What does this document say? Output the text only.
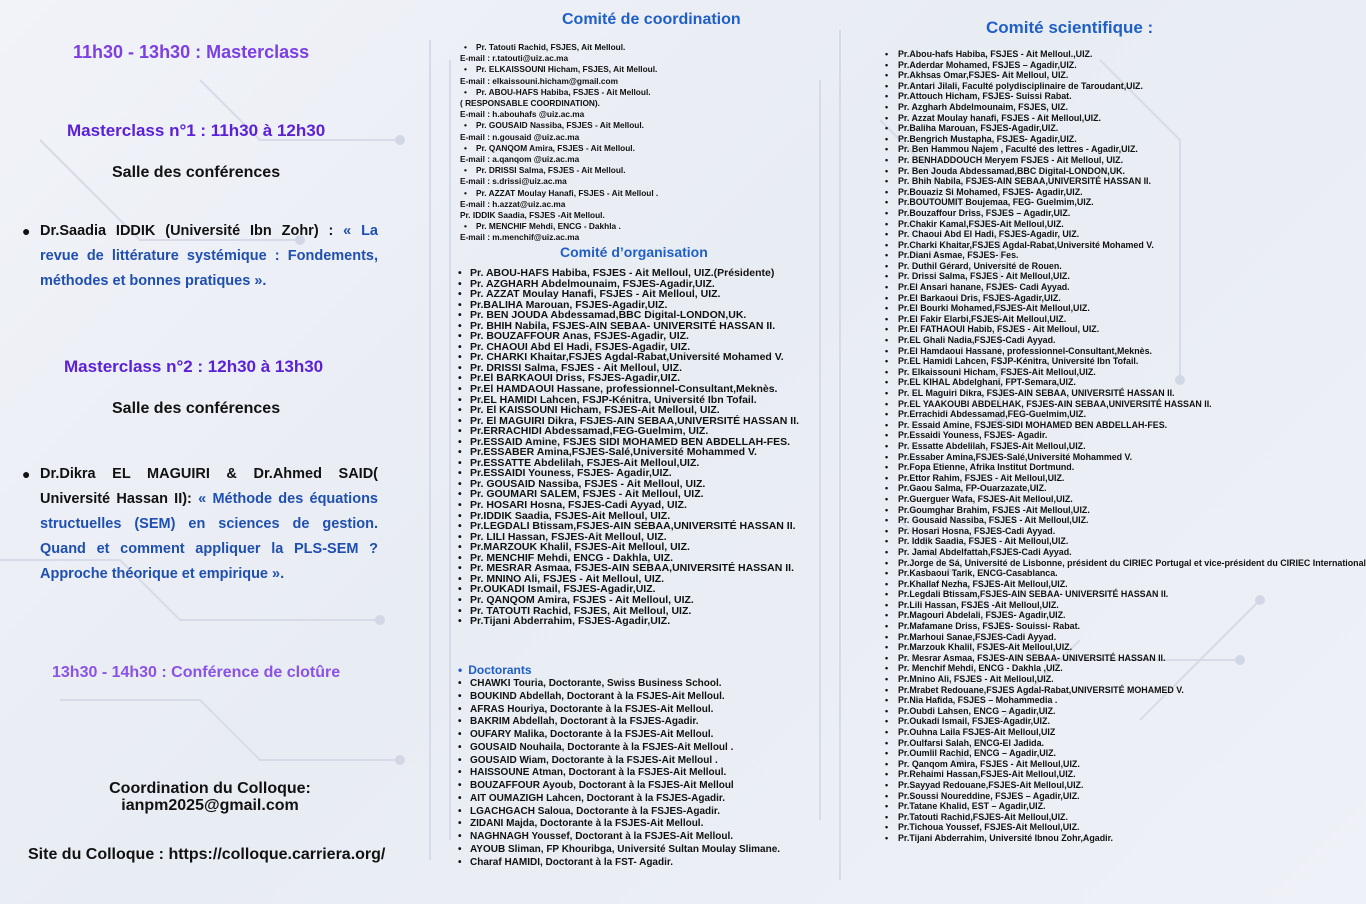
11h30 - 13h30 : Masterclass
Masterclass n°1 : 11h30 à 12h30
Salle des conférences
● Dr.Saadia IDDIK (Université Ibn Zohr) : « La revue de littérature systémique : Fondements, méthodes et bonnes pratiques ».
Masterclass n°2 : 12h30 à 13h30
Salle des conférences
● Dr.Dikra EL MAGUIRI & Dr.Ahmed SAID( Université Hassan II): « Méthode des équations structuelles (SEM) en sciences de gestion. Quand et comment appliquer la PLS-SEM ? Approche théorique et empirique ».
13h30 - 14h30 : Conférence de clotûre
Coordination du Colloque:
ianpm2025@gmail.com
Site du Colloque : https://colloque.carriera.org/
Comité de coordination
• Pr. Tatouti Rachid, FSJES, Ait Melloul.
E-mail : r.tatouti@uiz.ac.ma
• Pr. ELKAISSOUNI Hicham, FSJES, Ait Melloul.
E-mail : elkaissouni.hicham@gmail.com
• Pr. ABOU-HAFS Habiba, FSJES - Ait Melloul.
( RESPONSABLE COORDINATION).
E-mail : h.abouhafs @uiz.ac.ma
• Pr. GOUSAID Nassiba, FSJES - Ait Melloul.
E-mail : n.gousaid @uiz.ac.ma
• Pr. QANQOM Amira, FSJES - Ait Melloul.
E-mail : a.qanqom @uiz.ac.ma
• Pr. DRISSI Salma, FSJES - Ait Melloul.
E-mail : s.drissi@uiz.ac.ma
• Pr. AZZAT Moulay Hanafi, FSJES - Ait Melloul .
E-mail : h.azzat@uiz.ac.ma
Pr. IDDIK Saadia, FSJES -Ait Melloul.
• Pr. MENCHIF Mehdi, ENCG - Dakhla .
E-mail : m.menchif@uiz.ac.ma
Comité d’organisation
• Pr. ABOU-HAFS Habiba, FSJES - Ait Melloul, UIZ.(Présidente)
• Pr. AZGHARH Abdelmounaim, FSJES-Agadir,UIZ.
• Pr. AZZAT Moulay Hanafi, FSJES - Ait Melloul, UIZ.
• Pr.BALIHA Marouan, FSJES-Agadir,UIZ.
• Pr. BEN JOUDA Abdessamad,BBC Digital-LONDON,UK.
• Pr. BHIH Nabila, FSJES-AIN SEBAA- UNIVERSITÉ HASSAN II.
• Pr. BOUZAFFOUR Anas, FSJES-Agadir, UIZ.
• Pr. CHAOUI Abd El Hadi, FSJES-Agadir, UIZ.
• Pr. CHARKI Khaitar,FSJES Agdal-Rabat,Université Mohamed V.
• Pr. DRISSI Salma, FSJES - Ait Melloul, UIZ.
• Pr.El BARKAOUI Driss, FSJES-Agadir,UIZ.
• Pr.El HAMDAOUI Hassane, professionnel-Consultant,Meknès.
• Pr.EL HAMIDI Lahcen, FSJP-Kénitra, Université Ibn Tofail.
• Pr. El KAISSOUNI Hicham, FSJES-Ait Melloul, UIZ.
• Pr. El MAGUIRI Dikra, FSJES-AIN SEBAA,UNIVERSITÉ HASSAN II.
• Pr.ERRACHIDI Abdessamad,FEG-Guelmim, UIZ.
• Pr.ESSAID Amine, FSJES SIDI MOHAMED BEN ABDELLAH-FES.
• Pr.ESSABER Amina,FSJES-Salé,Université Mohammed V.
• Pr.ESSATTE Abdelilah, FSJES-Ait Melloul,UIZ.
• Pr.ESSAIDI Youness, FSJES- Agadir,UIZ.
• Pr. GOUSAID Nassiba, FSJES - Ait Melloul, UIZ.
• Pr. GOUMARI SALEM, FSJES - Ait Melloul, UIZ.
• Pr. HOSARI Hosna, FSJES-Cadi Ayyad, UIZ.
• Pr.IDDIK Saadia, FSJES-Ait Melloul, UIZ.
• Pr.LEGDALI Btissam,FSJES-AIN SEBAA,UNIVERSITÉ HASSAN II.
• Pr. LILI Hassan, FSJES-Ait Melloul, UIZ.
• Pr.MARZOUK Khalil, FSJES-Ait Melloul, UIZ.
• Pr. MENCHIF Mehdi, ENCG - Dakhla, UIZ.
• Pr. MESRAR Asmaa, FSJES-AIN SEBAA,UNIVERSITÉ HASSAN II.
• Pr. MNINO Ali, FSJES - Ait Melloul, UIZ.
• Pr.OUKADI Ismail, FSJES-Agadir,UIZ.
• Pr. QANQOM Amira, FSJES - Ait Melloul, UIZ.
• Pr. TATOUTI Rachid, FSJES, Ait Melloul, UIZ.
• Pr.Tijani Abderrahim, FSJES-Agadir,UIZ.
• Doctorants
• CHAWKI Touria, Doctorante, Swiss Business School.
• BOUKIND Abdellah, Doctorant à la FSJES-Ait Melloul.
• AFRAS Houriya, Doctorante à la FSJES-Ait Melloul.
• BAKRIM Abdellah, Doctorant à la FSJES-Agadir.
• OUFARY Malika, Doctorante à la FSJES-Ait Melloul.
• GOUSAID Nouhaila, Doctorante à la FSJES-Ait Melloul .
• GOUSAID Wiam, Doctorante à la FSJES-Ait Melloul .
• HAISSOUNE Atman, Doctorant à la FSJES-Ait Melloul.
• BOUZAFFOUR Ayoub, Doctorant à la FSJES-Ait Melloul
• AIT OUMAZIGH Lahcen, Doctorant à la FSJES-Agadir.
• LGACHGACH Saloua, Doctorante à la FSJES-Agadir.
• ZIDANI Majda, Doctorante à la FSJES-Ait Melloul.
• NAGHNAGH Youssef, Doctorant à la FSJES-Ait Melloul.
• AYOUB Sliman, FP Khouribga, Université Sultan Moulay Slimane.
• Charaf HAMIDI, Doctorant à la FST- Agadir.
Comité scientifique :
• Pr.Abou-hafs Habiba, FSJES - Ait Melloul.,UIZ.
• Pr.Aderdar Mohamed, FSJES – Agadir,UIZ.
• Pr.Akhsas Omar,FSJES- Ait Melloul, UIZ.
• Pr.Antari Jilali, Faculté polydisciplinaire de Taroudant,UIZ.
• Pr.Attouch Hicham, FSJES- Suissi Rabat.
• Pr. Azgharh Abdelmounaim, FSJES, UIZ.
• Pr. Azzat Moulay hanafi, FSJES - Ait Melloul,UIZ.
• Pr.Baliha Marouan, FSJES-Agadir,UIZ.
• Pr.Bengrich Mustapha, FSJES- Agadir,UIZ.
• Pr. Ben Hammou Najem , Faculté des lettres - Agadir,UIZ.
• Pr. BENHADDOUCH Meryem FSJES - Ait Melloul, UIZ.
• Pr. Ben Jouda Abdessamad,BBC Digital-LONDON,UK.
• Pr. Bhih Nabila, FSJES-AIN SEBAA,UNIVERSITÉ HASSAN II.
• Pr.Bouaziz Si Mohamed, FSJES- Agadir,UIZ.
• Pr.BOUTOUMIT Boujemaa, FEG- Guelmim,UIZ.
• Pr.Bouzaffour Driss, FSJES – Agadir,UIZ.
• Pr.Chakir Kamal,FSJES-Ait Melloul,UIZ.
• Pr. Chaoui Abd El Hadi, FSJES-Agadir, UIZ.
• Pr.Charki Khaitar,FSJES Agdal-Rabat,Université Mohamed V.
• Pr.Diani Asmae, FSJES- Fes.
• Pr. Duthil Gérard, Université de Rouen.
• Pr. Drissi Salma, FSJES - Ait Melloul,UIZ.
• Pr.El Ansari hanane, FSJES- Cadi Ayyad.
• Pr.El Barkaoui Dris, FSJES-Agadir,UIZ.
• Pr.El Bourki Mohamed,FSJES-Ait Melloul,UIZ.
• Pr.El Fakir Elarbi,FSJES-Ait Melloul,UIZ.
• Pr.El FATHAOUI Habib, FSJES - Ait Melloul, UIZ.
• Pr.EL Ghali Nadia,FSJES-Cadi Ayyad.
• Pr.El Hamdaoui Hassane, professionnel-Consultant,Meknès.
• Pr.EL Hamidi Lahcen, FSJP-Kénitra, Université Ibn Tofail.
• Pr. Elkaissouni Hicham, FSJES-Ait Melloul,UIZ.
• Pr.EL KIHAL Abdelghani, FPT-Semara,UIZ.
• Pr. EL Maguiri Dikra, FSJES-AIN SEBAA, UNIVERSITÉ HASSAN II.
• Pr.EL YAAKOUBI ABDELHAK, FSJES-AIN SEBAA,UNIVERSITÉ HASSAN II.
• Pr.Errachidi Abdessamad,FEG-Guelmim,UIZ.
• Pr. Essaid Amine, FSJES-SIDI MOHAMED BEN ABDELLAH-FES.
• Pr.Essaidi Youness, FSJES- Agadir.
• Pr. Essatte Abdelilah, FSJES-Ait Melloul,UIZ.
• Pr.Essaber Amina,FSJES-Salé,Université Mohammed V.
• Pr.Fopa Etienne, Afrika Institut Dortmund.
• Pr.Ettor Rahim, FSJES - Ait Melloul,UIZ.
• Pr.Gaou Salma, FP-Ouarzazate,UIZ.
• Pr.Guerguer Wafa, FSJES-Ait Melloul,UIZ.
• Pr.Goumghar Brahim, FSJES -Ait Melloul,UIZ.
• Pr. Gousaid Nassiba, FSJES - Ait Melloul,UIZ.
• Pr. Hosari Hosna, FSJES-Cadi Ayyad.
• Pr. Iddik Saadia, FSJES - Ait Melloul,UIZ.
• Pr. Jamal Abdelfattah,FSJES-Cadi Ayyad.
• Pr.Jorge de Sá, Université de Lisbonne, président du CIRIEC Portugal et vice-président du CIRIEC International
• Pr.Kasbaoui Tarik, ENCG-Casablanca.
• Pr.Khallaf Nezha, FSJES-Ait Melloul,UIZ.
• Pr.Legdali Btissam,FSJES-AIN SEBAA- UNIVERSITÉ HASSAN II.
• Pr.Lili Hassan, FSJES -Ait Melloul,UIZ.
• Pr.Magouri Abdelali, FSJES- Agadir,UIZ.
• Pr.Mafamane Driss, FSJES- Souissi- Rabat.
• Pr.Marhoui Sanae,FSJES-Cadi Ayyad.
• Pr.Marzouk Khalil, FSJES-Ait Melloul,UIZ.
• Pr. Mesrar Asmaa, FSJES-AIN SEBAA- UNIVERSITÉ HASSAN II.
• Pr. Menchif Mehdi, ENCG - Dakhla ,UIZ.
• Pr.Mnino Ali, FSJES - Ait Melloul,UIZ.
• Pr.Mrabet Redouane,FSJES Agdal-Rabat,UNIVERSITÉ MOHAMED V.
• Pr.Nia Hafida, FSJES – Mohammedia .
• Pr.Oubdi Lahsen, ENCG – Agadir,UIZ.
• Pr.Oukadi Ismail, FSJES-Agadir,UIZ.
• Pr.Ouhna Laila FSJES-Ait Melloul,UIZ
• Pr.Oulfarsi Salah, ENCG-El Jadida.
• Pr.Oumlil Rachid, ENCG – Agadir,UIZ.
• Pr. Qanqom Amira, FSJES - Ait Melloul,UIZ.
• Pr.Rehaimi Hassan,FSJES-Ait Melloul,UIZ.
• Pr.Sayyad Redouane,FSJES-Ait Melloul,UIZ.
• Pr.Soussi Noureddine, FSJES – Agadir,UIZ.
• Pr.Tatane Khalid, EST – Agadir,UIZ.
• Pr.Tatouti Rachid,FSJES-Ait Melloul,UIZ.
• Pr.Tichoua Youssef, FSJES-Ait Melloul,UIZ.
• Pr.Tijani Abderrahim, Université Ibnou Zohr,Agadir.
